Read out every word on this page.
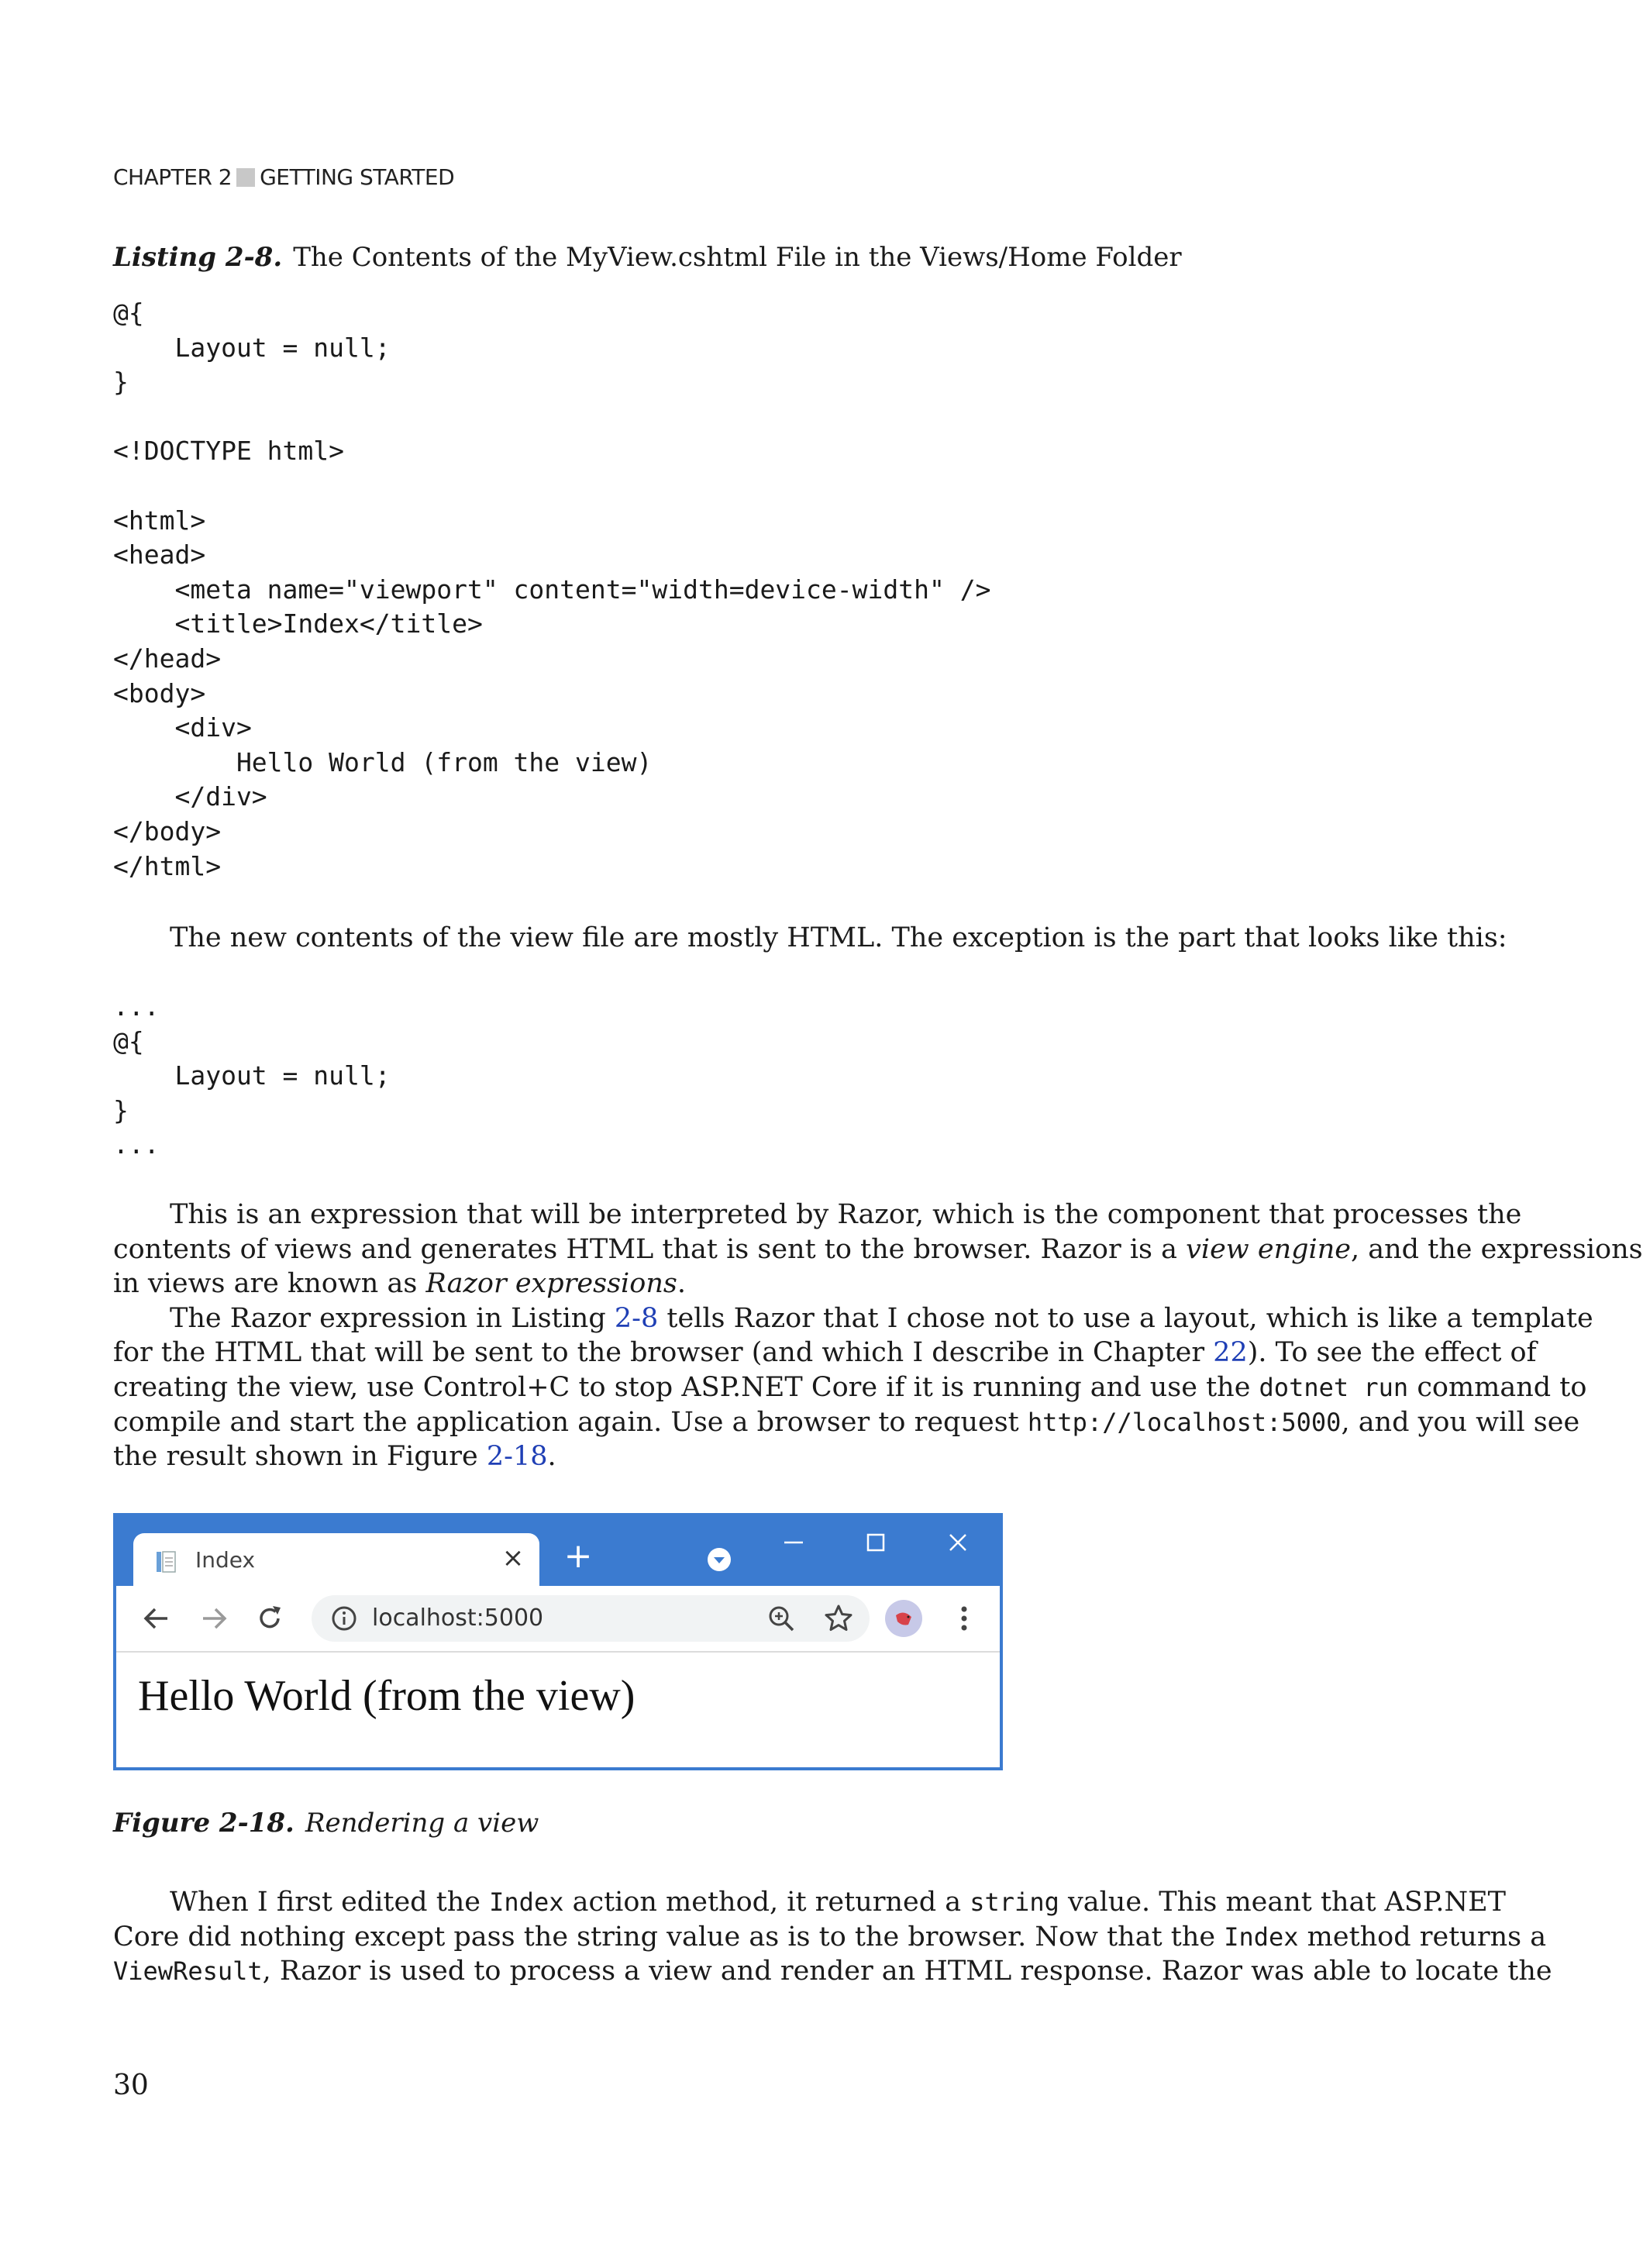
CHAPTER 2 GETTING STARTED
Listing 2-8. The Contents of the MyView.cshtml File in the Views/Home Folder
@{
Layout = null;
}

<!DOCTYPE html>

<html>
<head>
<meta name="viewport" content="width=device-width" />
<title>Index</title>
</head>
<body>
<div>
Hello World (from the view)
</div>
</body>
</html>
The new contents of the view file are mostly HTML. The exception is the part that looks like this:
...
@{
Layout = null;
}
...
This is an expression that will be interpreted by Razor, which is the component that processes the
contents of views and generates HTML that is sent to the browser. Razor is a view engine, and the expressions
in views are known as Razor expressions.
The Razor expression in Listing 2-8 tells Razor that I chose not to use a layout, which is like a template
for the HTML that will be sent to the browser (and which I describe in Chapter 22). To see the effect of
creating the view, use Control+C to stop ASP.NET Core if it is running and use the dotnet run command to
compile and start the application again. Use a browser to request http://localhost:5000, and you will see
the result shown in Figure 2-18.
Index	× +
localhost:5000
Hello World (from the view)
Figure 2-18. Rendering a view
When I first edited the Index action method, it returned a string value. This meant that ASP.NET
Core did nothing except pass the string value as is to the browser. Now that the Index method returns a
ViewResult, Razor is used to process a view and render an HTML response. Razor was able to locate the
30
